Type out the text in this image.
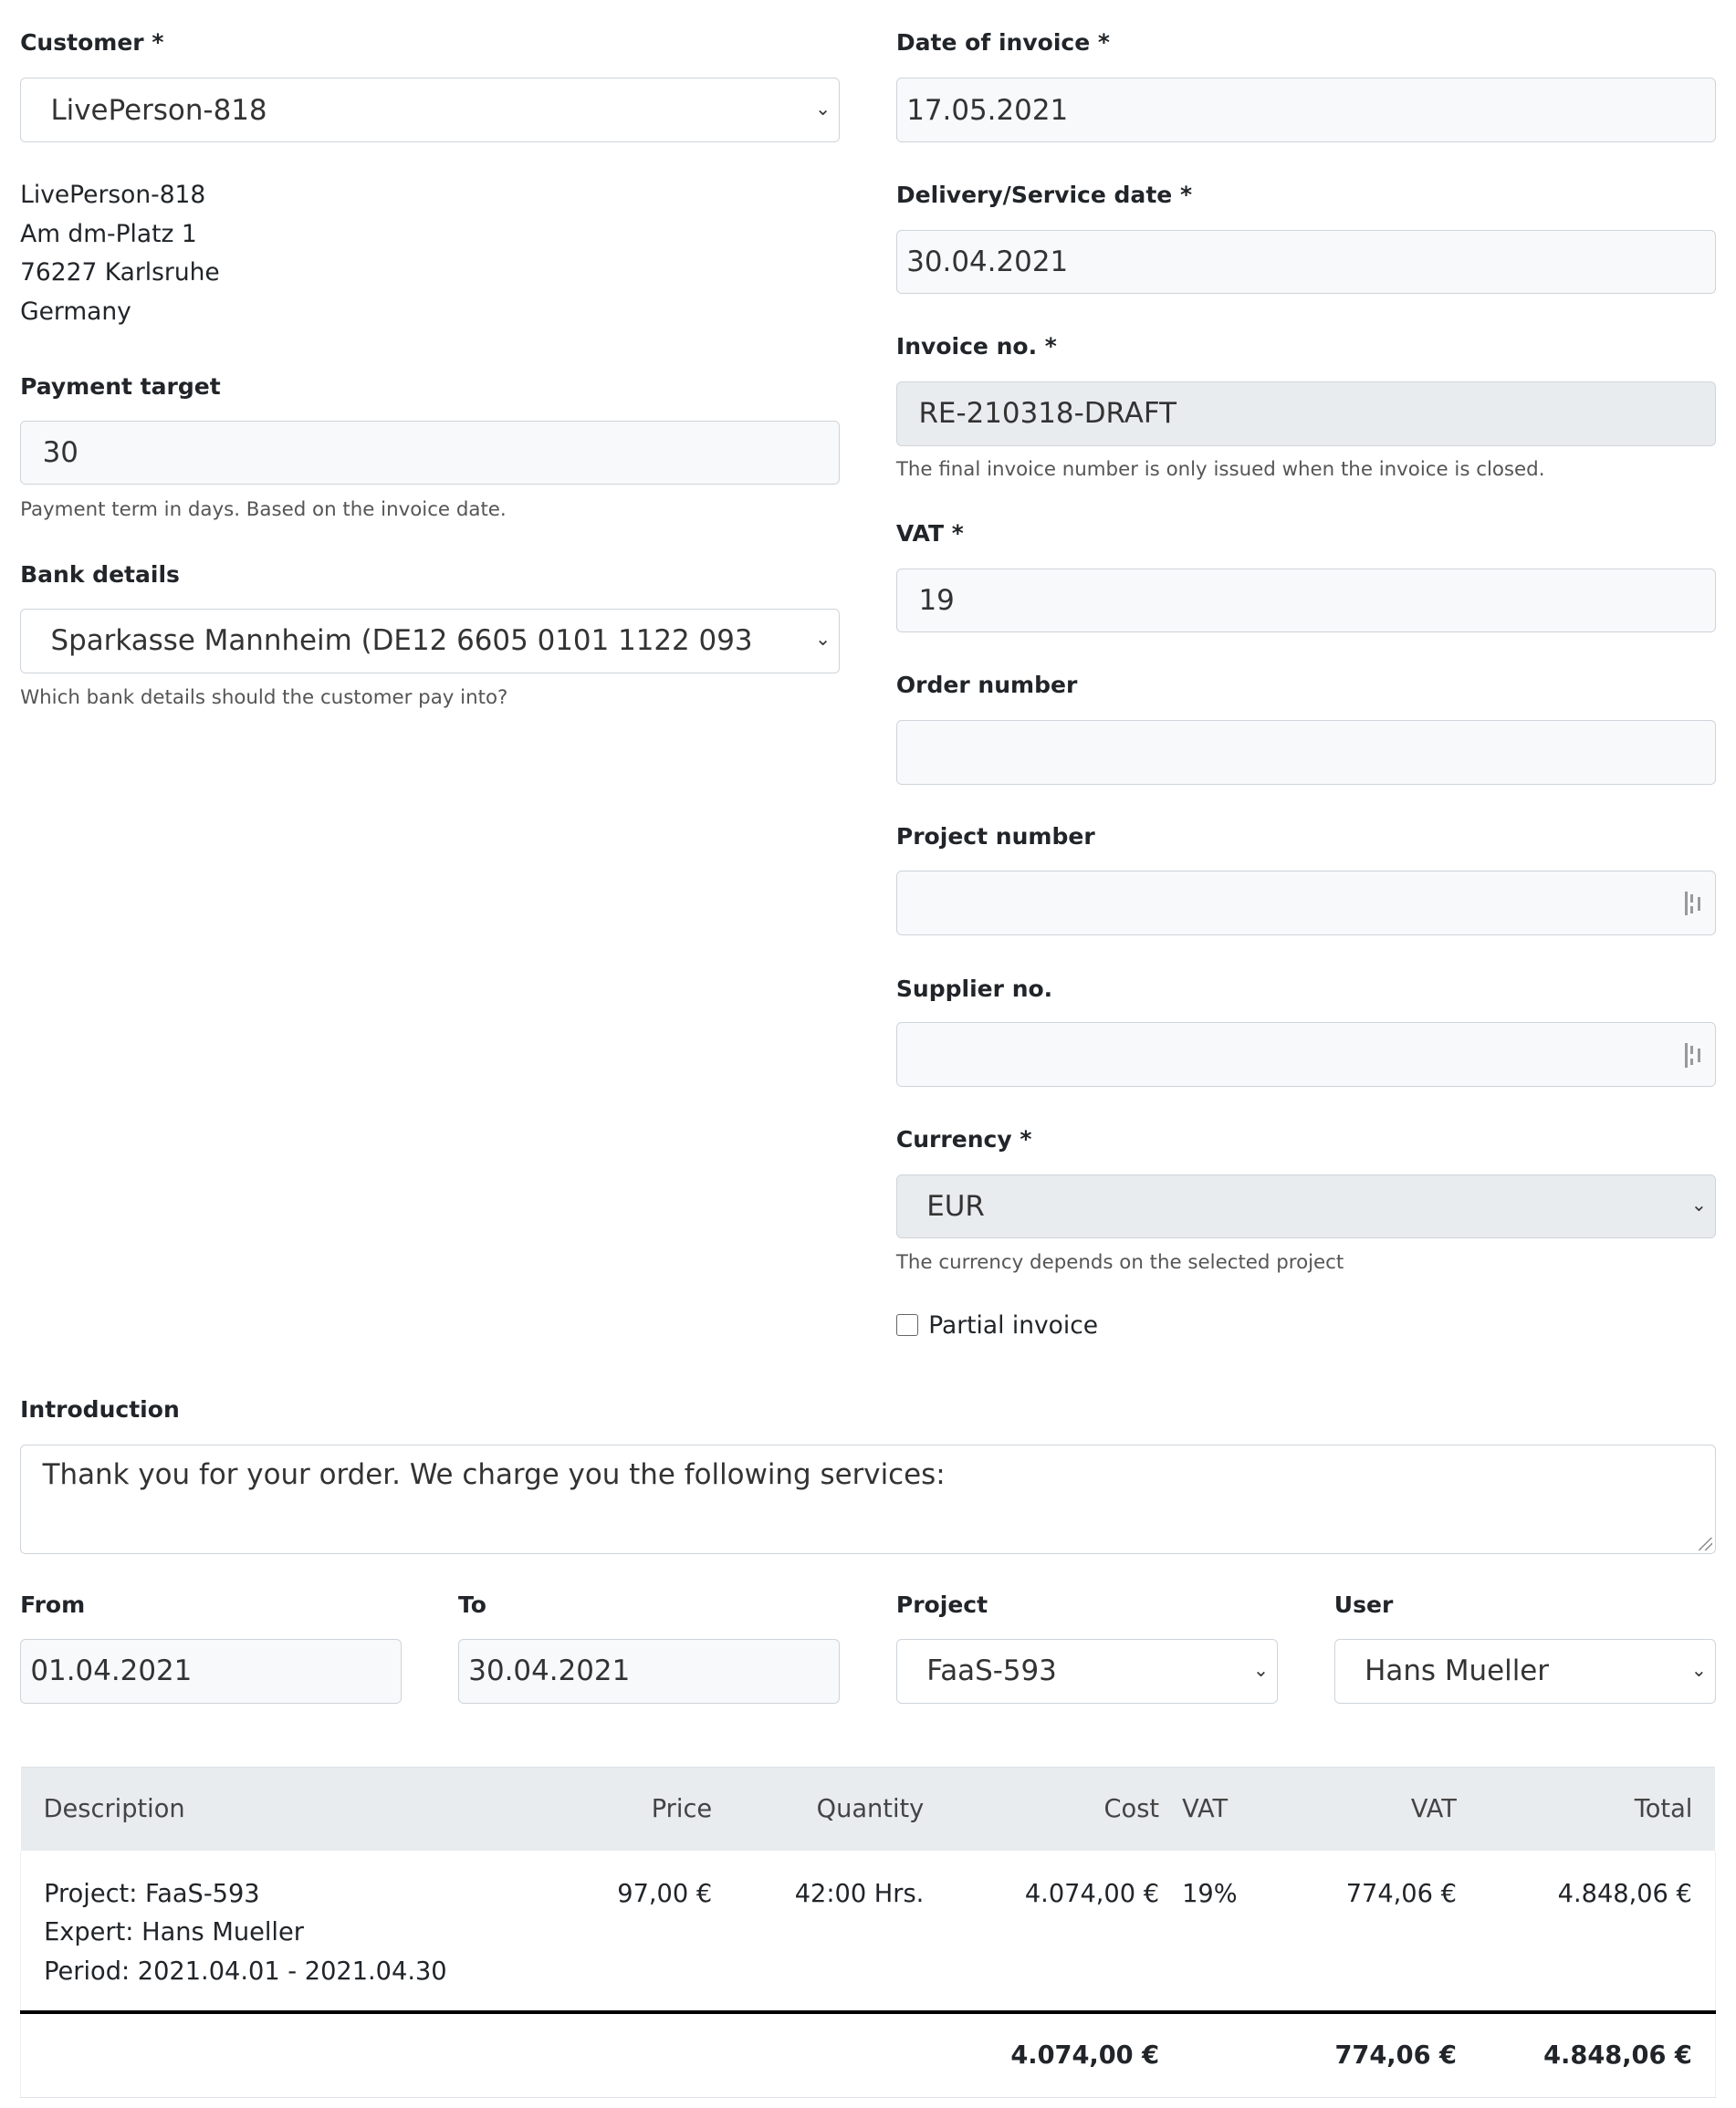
Customer *
LivePerson-818	⌄
LivePerson-818
Am dm-Platz 1
76227 Karlsruhe
Germany
Payment target
30
Payment term in days. Based on the invoice date.
Bank details
Sparkasse Mannheim (DE12 6605 0101 1122 093	⌄
Which bank details should the customer pay into?
Date of invoice *
17.05.2021
Delivery/Service date *
30.04.2021
Invoice no. *
RE-210318-DRAFT
The final invoice number is only issued when the invoice is closed.
VAT *
19
Order number
Project number
Supplier no.
Currency *
EUR	⌄
The currency depends on the selected project
Partial invoice
Introduction
Thank you for your order. We charge you the following services:
From
01.04.2021
To
30.04.2021
Project
FaaS-593	⌄
User
Hans Mueller	⌄
Description	Price	Quantity	Cost	VAT	VAT	Total

Project: FaaS-593
Expert: Hans Mueller
Period: 2021.04.01 - 2021.04.30	97,00 €	42:00 Hrs.	4.074,00 €	19%	774,06 €	4.848,06 €
			4.074,00 €		774,06 €	4.848,06 €
